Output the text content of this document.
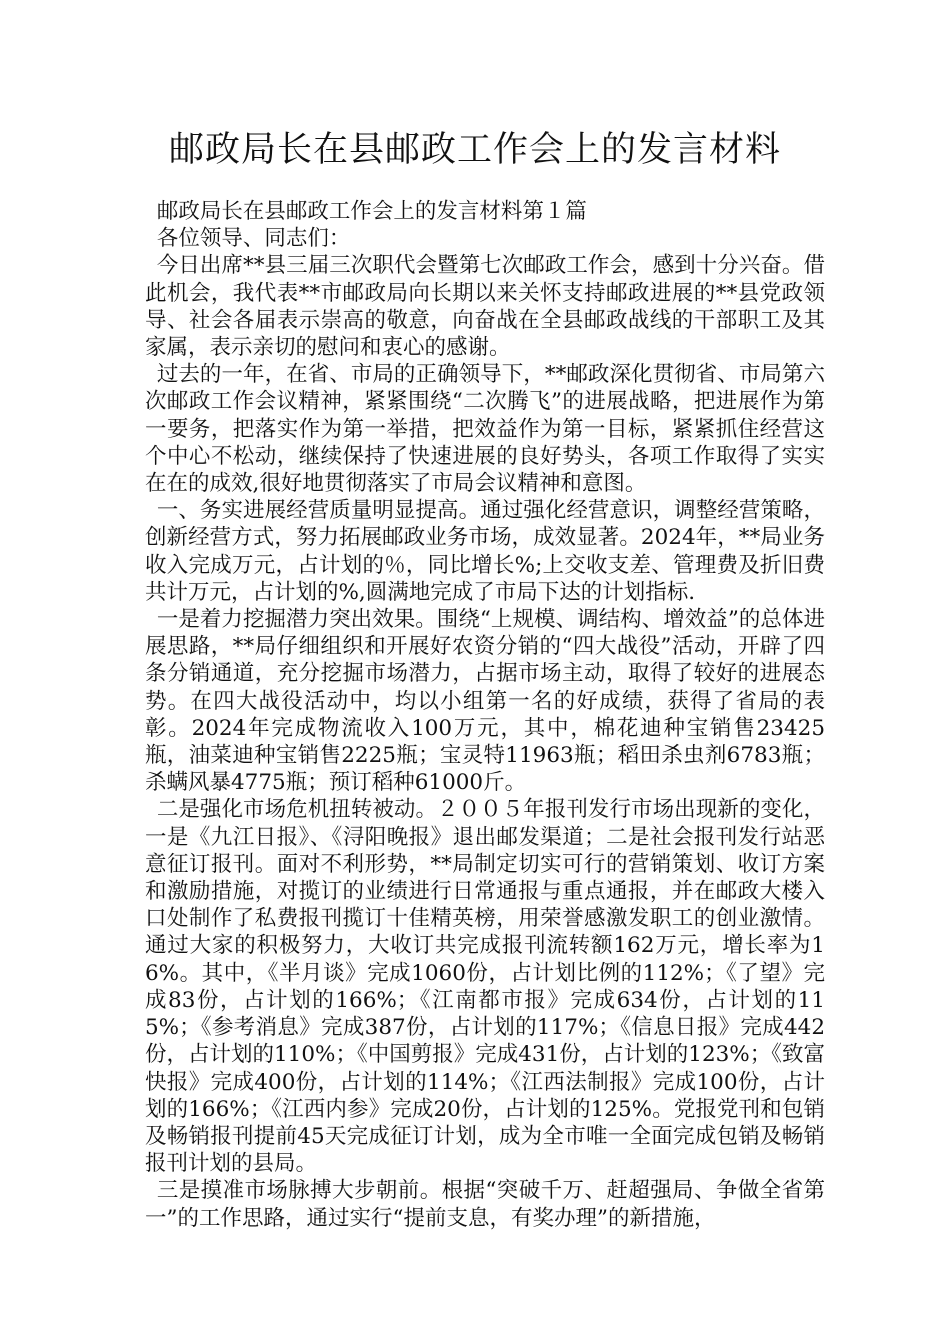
邮政局长在县邮政工作会上的发言材料

邮政局长在县邮政工作会上的发言材料第１篇

各位领导、同志们：

今日出席**县三届三次职代会暨第七次邮政工作会，感到十分兴奋。借此机会，我代表**市邮政局向长期以来关怀支持邮政进展的**县党政领导、社会各届表示崇高的敬意，向奋战在全县邮政战线的干部职工及其家属，表示亲切的慰问和衷心的感谢。

过去的一年，在省、市局的正确领导下，**邮政深化贯彻省、市局第六次邮政工作会议精神，紧紧围绕“二次腾飞”的进展战略，把进展作为第一要务，把落实作为第一举措，把效益作为第一目标，紧紧抓住经营这个中心不松动，继续保持了快速进展的良好势头，各项工作取得了实实在在的成效,很好地贯彻落实了市局会议精神和意图。

一、务实进展经营质量明显提高。通过强化经营意识，调整经营策略，创新经营方式，努力拓展邮政业务市场，成效显著。2024年，**局业务收入完成万元，占计划的％，同比增长%;上交收支差、管理费及折旧费共计万元，占计划的%,圆满地完成了市局下达的计划指标.

一是着力挖掘潜力突出效果。围绕“上规模、调结构、增效益”的总体进展思路，**局仔细组织和开展好农资分销的“四大战役”活动，开辟了四条分销通道，充分挖掘市场潜力，占据市场主动，取得了较好的进展态势。在四大战役活动中，均以小组第一名的好成绩，获得了省局的表彰。2024年完成物流收入100万元，其中，棉花迪种宝销售23425瓶，油菜迪种宝销售2225瓶；宝灵特11963瓶；稻田杀虫剂6783瓶；杀螨风暴4775瓶；预订稻种61000斤。

二是强化市场危机扭转被动。２００５年报刊发行市场出现新的变化，一是《九江日报》、《浔阳晚报》退出邮发渠道；二是社会报刊发行站恶意征订报刊。面对不利形势，**局制定切实可行的营销策划、收订方案和激励措施，对揽订的业绩进行日常通报与重点通报，并在邮政大楼入口处制作了私费报刊揽订十佳精英榜，用荣誉感激发职工的创业激情。通过大家的积极努力，大收订共完成报刊流转额162万元，增长率为16%。其中，《半月谈》完成1060份，占计划比例的112%；《了望》完成83份，占计划的166%；《江南都市报》完成634份，占计划的115%；《参考消息》完成387份，占计划的117%；《信息日报》完成442份，占计划的110%；《中国剪报》完成431份，占计划的123%；《致富快报》完成400份，占计划的114%；《江西法制报》完成100份，占计划的166%；《江西内参》完成20份，占计划的125%。党报党刊和包销及畅销报刊提前45天完成征订计划，成为全市唯一全面完成包销及畅销报刊计划的县局。

三是摸准市场脉搏大步朝前。根据“突破千万、赶超强局、争做全省第一”的工作思路，通过实行“提前支息，有奖办理”的新措施，
